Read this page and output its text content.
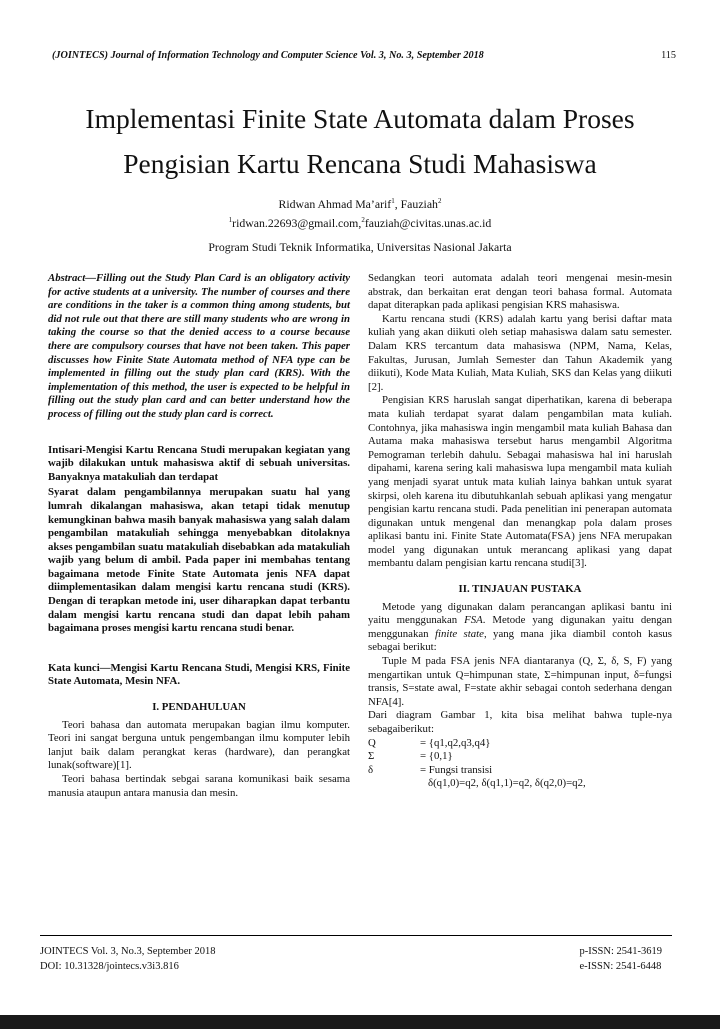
(JOINTECS) Journal of Information Technology and Computer Science Vol. 3, No. 3, September 2018	115
Implementasi Finite State Automata dalam Proses
Pengisian Kartu Rencana Studi Mahasiswa
Ridwan Ahmad Ma’arif$^1$, Fauziah$^2$
$^1$ridwan.22693@gmail.com,$^2$fauziah@civitas.unas.ac.id
Program Studi Teknik Informatika, Universitas Nasional Jakarta

Abstract—Filling out the Study Plan Card is an obligatory activity for active students at a university. The number of courses and there are conditions in the taker is a common thing among students, but did not rule out that there are still many students who are wrong in taking the course so that the denied access to a course because there are compulsory courses that have not been taken. This paper discusses how Finite State Automata method of NFA type can be implemented in filling out the study plan card (KRS). With the implementation of this method, the user is expected to be helpful in filling out the study plan card and can better understand how the process of filling out the study plan card is correct.

Intisari-Mengisi Kartu Rencana Studi merupakan kegiatan yang wajib dilakukan untuk mahasiswa aktif di sebuah universitas. Banyaknya matakuliah dan terdapat

Syarat dalam pengambilannya merupakan suatu hal yang lumrah dikalangan mahasiswa, akan tetapi tidak menutup kemungkinan bahwa masih banyak mahasiswa yang salah dalam pengambilan matakuliah sehingga menyebabkan ditolaknya akses pengambilan suatu matakuliah disebabkan ada matakuliah wajib yang belum di ambil. Pada paper ini membahas tentang bagaimana metode Finite State Automata jenis NFA dapat diimplementasikan dalam mengisi kartu rencana studi (KRS). Dengan di terapkan metode ini, user diharapkan dapat terbantu dalam mengisi kartu rencana studi dan dapat lebih paham bagaimana proses mengisi kartu rencana studi benar.

Kata kunci—Mengisi Kartu Rencana Studi, Mengisi KRS, Finite State Automata, Mesin NFA.

I. PENDAHULUAN

Teori bahasa dan automata merupakan bagian ilmu komputer. Teori ini sangat berguna untuk pengembangan ilmu komputer lebih lanjut baik dalam perangkat keras (hardware), dan perangkat lunak(software)[1].

Teori bahasa bertindak sebgai sarana komunikasi baik sesama manusia ataupun antara manusia dan mesin.

Sedangkan teori automata adalah teori mengenai mesin-mesin abstrak, dan berkaitan erat dengan teori bahasa formal. Automata dapat diterapkan pada aplikasi pengisian KRS mahasiswa.

Kartu rencana studi (KRS) adalah kartu yang berisi daftar mata kuliah yang akan diikuti oleh setiap mahasiswa dalam satu semester. Dalam KRS tercantum data mahasiswa (NPM, Nama, Kelas, Fakultas, Jurusan, Jumlah Semester dan Tahun Akademik yang diikuti), Kode Mata Kuliah, Mata Kuliah, SKS dan Kelas yang diikuti [2].

Pengisian KRS haruslah sangat diperhatikan, karena di beberapa mata kuliah terdapat syarat dalam pengambilan mata kuliah. Contohnya, jika mahasiswa ingin mengambil mata kuliah Bahasa dan Autama maka mahasiswa tersebut harus mengambil Algoritma Pemograman terlebih dahulu. Sebagai mahasiswa hal ini haruslah dipahami, karena sering kali mahasiswa lupa mengambil mata kuliah yang menjadi syarat untuk mata kuliah lainya bahkan untuk syarat skirpsi, oleh karena itu dibutuhkanlah sebuah aplikasi yang mengatur pengisian kartu rencana studi. Pada penelitian ini penerapan automata digunakan untuk mengenal dan menangkap pola dalam proses aplikasi bantu ini. Finite State Automata(FSA) jens NFA merupakan model yang digunakan untuk merancang aplikasi yang dapat membantu dalam pengisian kartu rencana studi[3].

II. TINJAUAN PUSTAKA

Metode yang digunakan dalam perancangan aplikasi bantu ini yaitu menggunakan FSA. Metode yang digunakan yaitu dengan menggunakan finite state, yang mana jika diambil contoh kasus sebagai berikut:

Tuple M pada FSA jenis NFA diantaranya (Q, Σ, δ, S, F) yang mengartikan untuk Q=himpunan state, Σ=himpunan input, δ=fungsi transis, S=state awal, F=state akhir sebagai contoh sederhana dengan NFA[4].

Dari diagram Gambar 1, kita bisa melihat bahwa tuple-nya sebagaiberikut:

Q	= {q1,q2,q3,q4}
Σ	= {0,1}
δ	= Fungsi transisi
δ(q1,0)=q2, δ(q1,1)=q2, δ(q2,0)=q2,
JOINTECS Vol. 3, No.3, September 2018
DOI: 10.31328/jointecs.v3i3.816
p-ISSN: 2541-3619
e-ISSN: 2541-6448
